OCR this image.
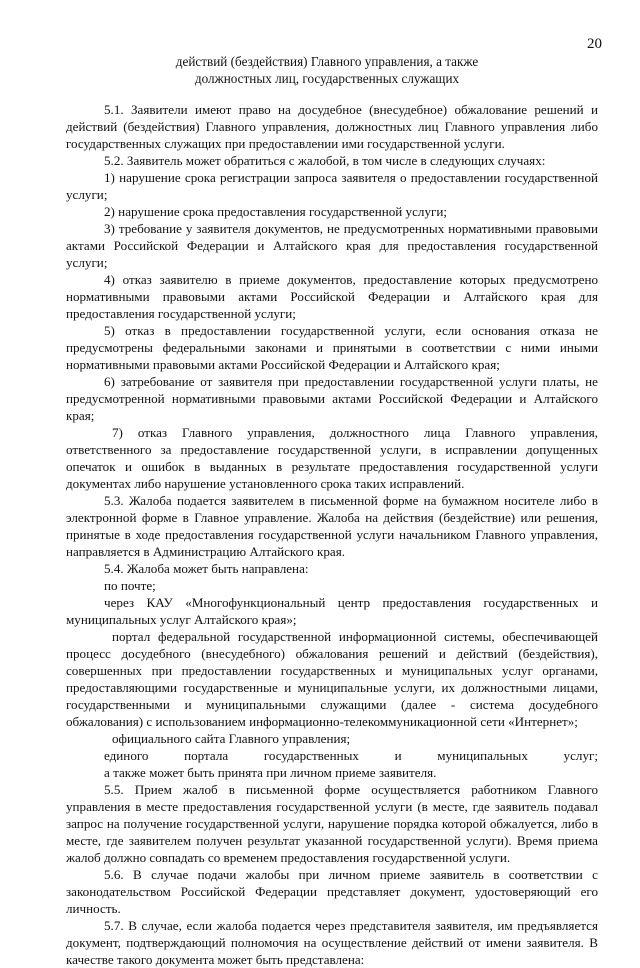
20
действий (бездействия) Главного управления, а также
должностных лиц, государственных служащих

5.1. Заявители имеют право на досудебное (внесудебное) обжалование решений и действий (бездействия) Главного управления, должностных лиц Главного управления либо государственных служащих при предоставлении ими государственной услуги.

5.2. Заявитель может обратиться с жалобой, в том числе в следующих случаях:

1) нарушение срока регистрации запроса заявителя о предоставлении государственной услуги;

2) нарушение срока предоставления государственной услуги;

3) требование у заявителя документов, не предусмотренных нормативными правовыми актами Российской Федерации и Алтайского края для предоставления государственной услуги;

4) отказ заявителю в приеме документов, предоставление которых предусмотрено нормативными правовыми актами Российской Федерации и Алтайского края для предоставления государственной услуги;

5) отказ в предоставлении государственной услуги, если основания отказа не предусмотрены федеральными законами и принятыми в соответствии с ними иными нормативными правовыми актами Российской Федерации и Алтайского края;

6) затребование от заявителя при предоставлении государственной услуги платы, не предусмотренной нормативными правовыми актами Российской Федерации и Алтайского края;

7) отказ Главного управления, должностного лица Главного управления, ответственного за предоставление государственной услуги, в исправлении допущенных опечаток и ошибок в выданных в результате предоставления государственной услуги документах либо нарушение установленного срока таких исправлений.

5.3. Жалоба подается заявителем в письменной форме на бумажном носителе либо в электронной форме в Главное управление. Жалоба на действия (бездействие) или решения, принятые в ходе предоставления государственной услуги начальником Главного управления, направляется в Администрацию Алтайского края.

5.4. Жалоба может быть направлена:

по почте;

через КАУ «Многофункциональный центр предоставления государственных и муниципальных услуг Алтайского края»;

портал федеральной государственной информационной системы, обеспечивающей процесс досудебного (внесудебного) обжалования решений и действий (бездействия), совершенных при предоставлении государственных и муниципальных услуг органами, предоставляющими государственные и муниципальные услуги, их должностными лицами, государственными и муниципальными служащими (далее - система досудебного обжалования) с использованием информационно-телекоммуникационной сети «Интернет»;

официального сайта Главного управления;

единого портала государственных и муниципальных услуг;

а также может быть принята при личном приеме заявителя.

5.5. Прием жалоб в письменной форме осуществляется работником Главного управления в месте предоставления государственной услуги (в месте, где заявитель подавал запрос на получение государственной услуги, нарушение порядка которой обжалуется, либо в месте, где заявителем получен результат указанной государственной услуги). Время приема жалоб должно совпадать со временем предоставления государственной услуги.

5.6. В случае подачи жалобы при личном приеме заявитель в соответствии с законодательством Российской Федерации представляет документ, удостоверяющий его личность.

5.7. В случае, если жалоба подается через представителя заявителя, им предъявляется документ, подтверждающий полномочия на осуществление действий от имени заявителя. В качестве такого документа может быть представлена:
